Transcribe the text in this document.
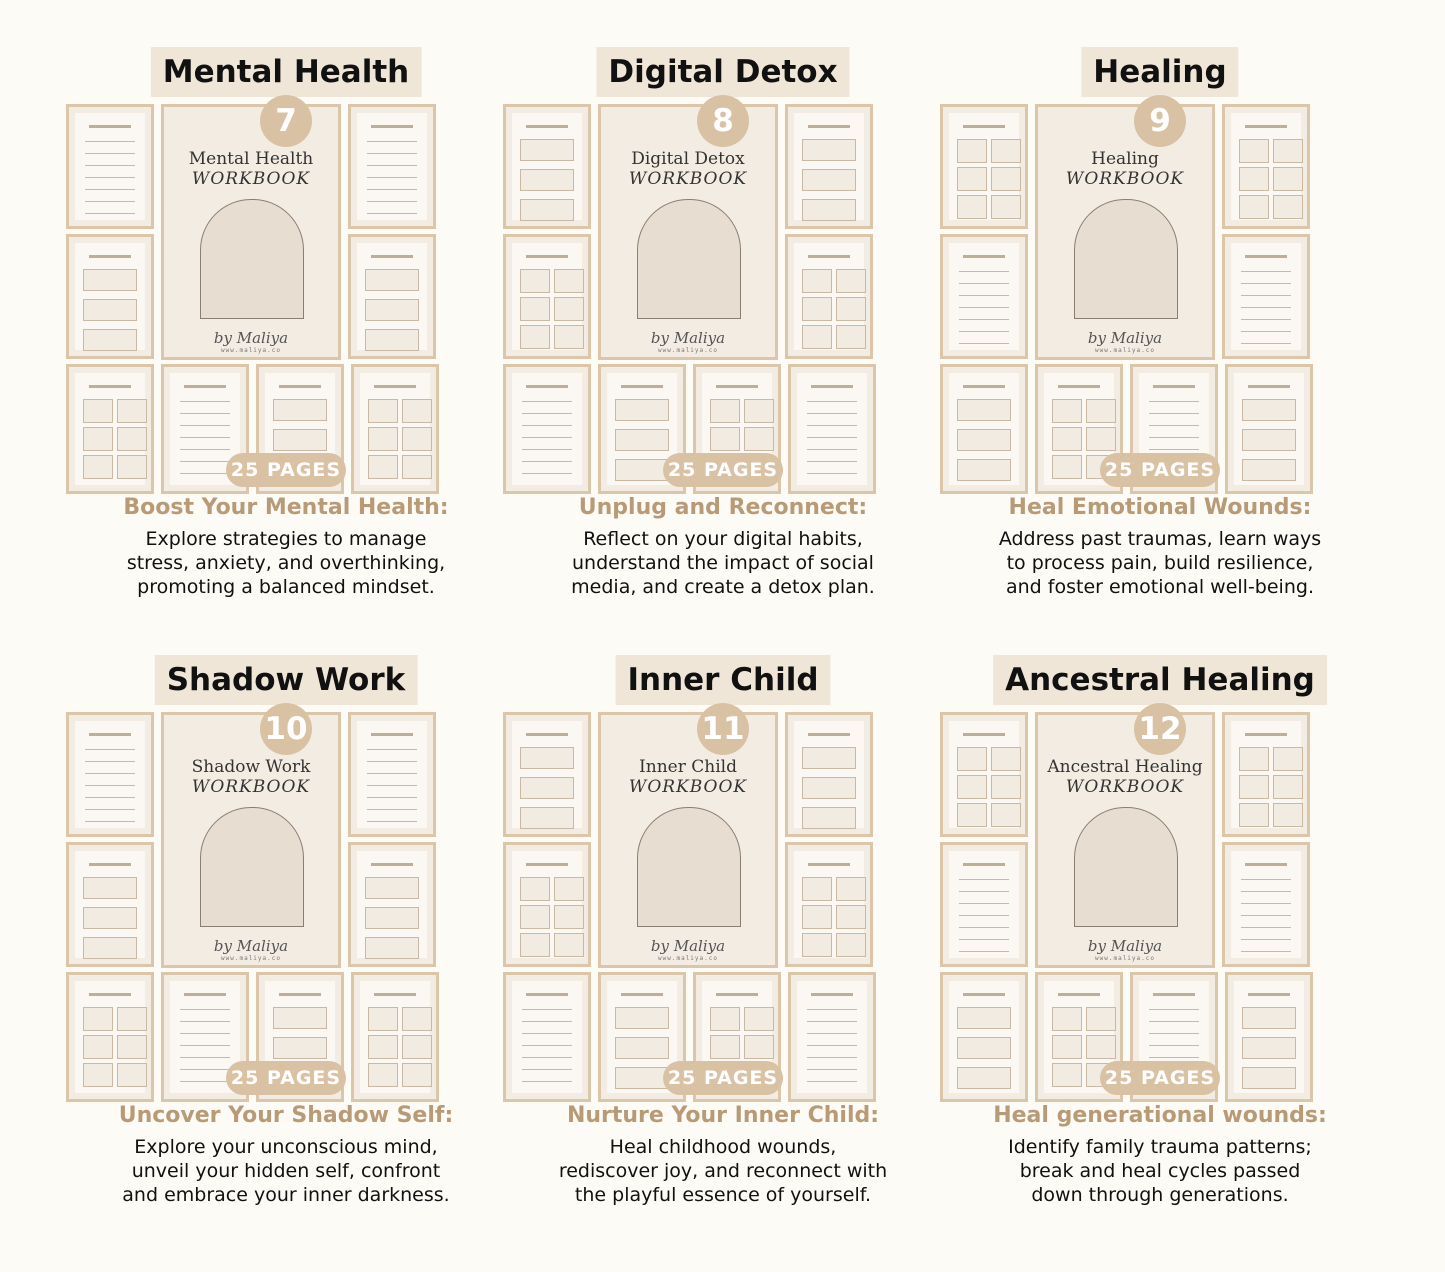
Mental Health
Mental Health
WORKBOOK
by Maliya
www.maliya.co
7
25 PAGES
Boost Your Mental Health:
Explore strategies to manage
stress, anxiety, and overthinking,
promoting a balanced mindset.
Digital Detox
Digital Detox
WORKBOOK
by Maliya
www.maliya.co
8
25 PAGES
Unplug and Reconnect:
Reflect on your digital habits,
understand the impact of social
media, and create a detox plan.
Healing
Healing
WORKBOOK
by Maliya
www.maliya.co
9
25 PAGES
Heal Emotional Wounds:
Address past traumas, learn ways
to process pain, build resilience,
and foster emotional well-being.
Shadow Work
Shadow Work
WORKBOOK
by Maliya
www.maliya.co
10
25 PAGES
Uncover Your Shadow Self:
Explore your unconscious mind,
unveil your hidden self, confront
and embrace your inner darkness.
Inner Child
Inner Child
WORKBOOK
by Maliya
www.maliya.co
11
25 PAGES
Nurture Your Inner Child:
Heal childhood wounds,
rediscover joy, and reconnect with
the playful essence of yourself.
Ancestral Healing
Ancestral Healing
WORKBOOK
by Maliya
www.maliya.co
12
25 PAGES
Heal generational wounds:
Identify family trauma patterns;
break and heal cycles passed
down through generations.
